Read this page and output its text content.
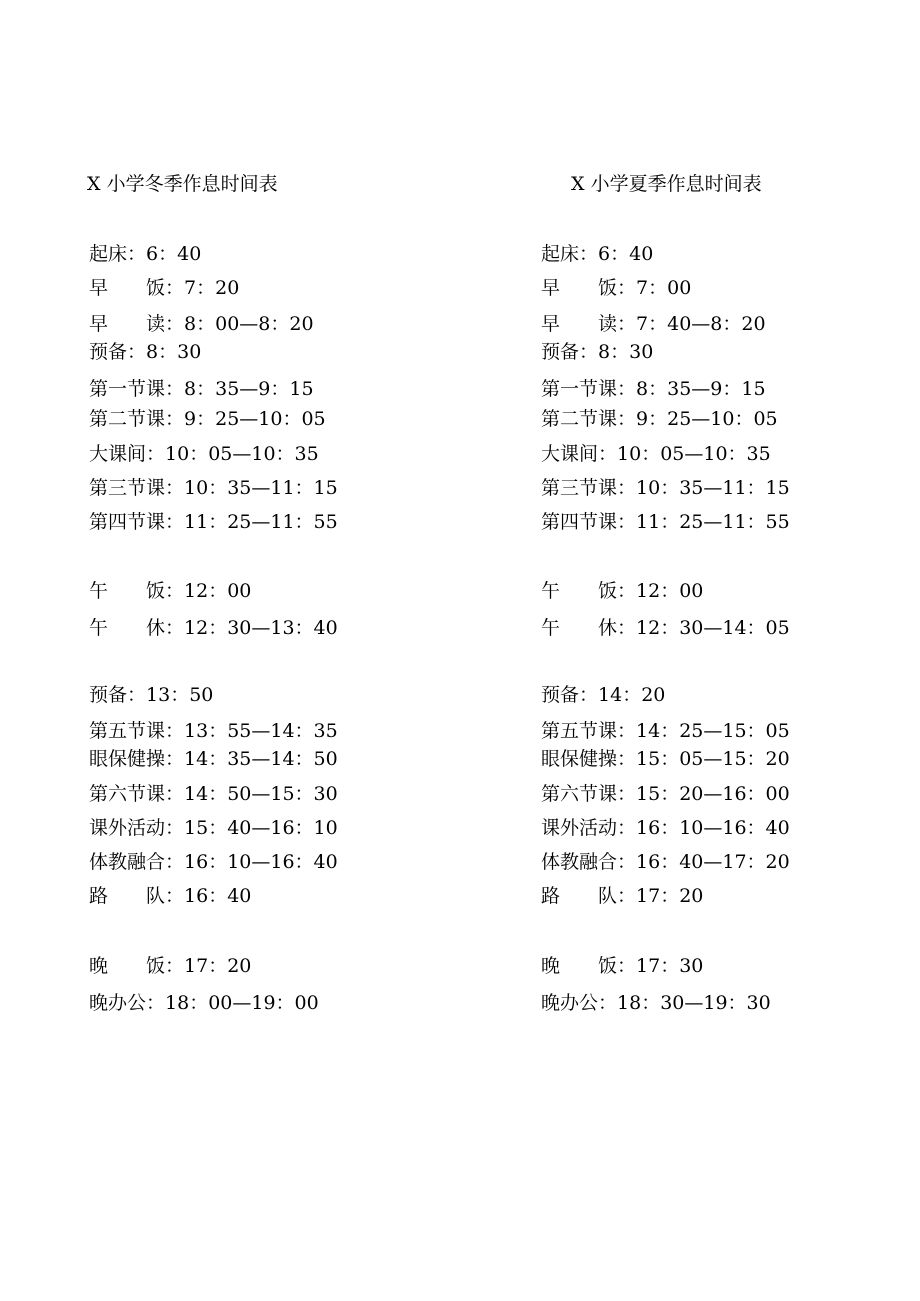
X 小学冬季作息时间表	X 小学夏季作息时间表
起床：6：40
早 饭：7：20
早 读：8：00—8：20
预备：8：30
第一节课：8：35—9：15
第二节课：9：25—10：05
大课间：10：05—10：35
第三节课：10：35—11：15
第四节课：11：25—11：55
午 饭：12：00
午 休：12：30—13：40
预备：13：50
第五节课：13：55—14：35
眼保健操：14：35—14：50
第六节课：14：50—15：30
课外活动：15：40—16：10
体教融合：16：10—16：40
路 队：16：40
晚 饭：17：20
晚办公：18：00—19：00
起床：6：40
早 饭：7：00
早 读：7：40—8：20
预备：8：30
第一节课：8：35—9：15
第二节课：9：25—10：05
大课间：10：05—10：35
第三节课：10：35—11：15
第四节课：11：25—11：55
午 饭：12：00
午 休：12：30—14：05
预备：14：20
第五节课：14：25—15：05
眼保健操：15：05—15：20
第六节课：15：20—16：00
课外活动：16：10—16：40
体教融合：16：40—17：20
路 队：17：20
晚 饭：17：30
晚办公：18：30—19：30
